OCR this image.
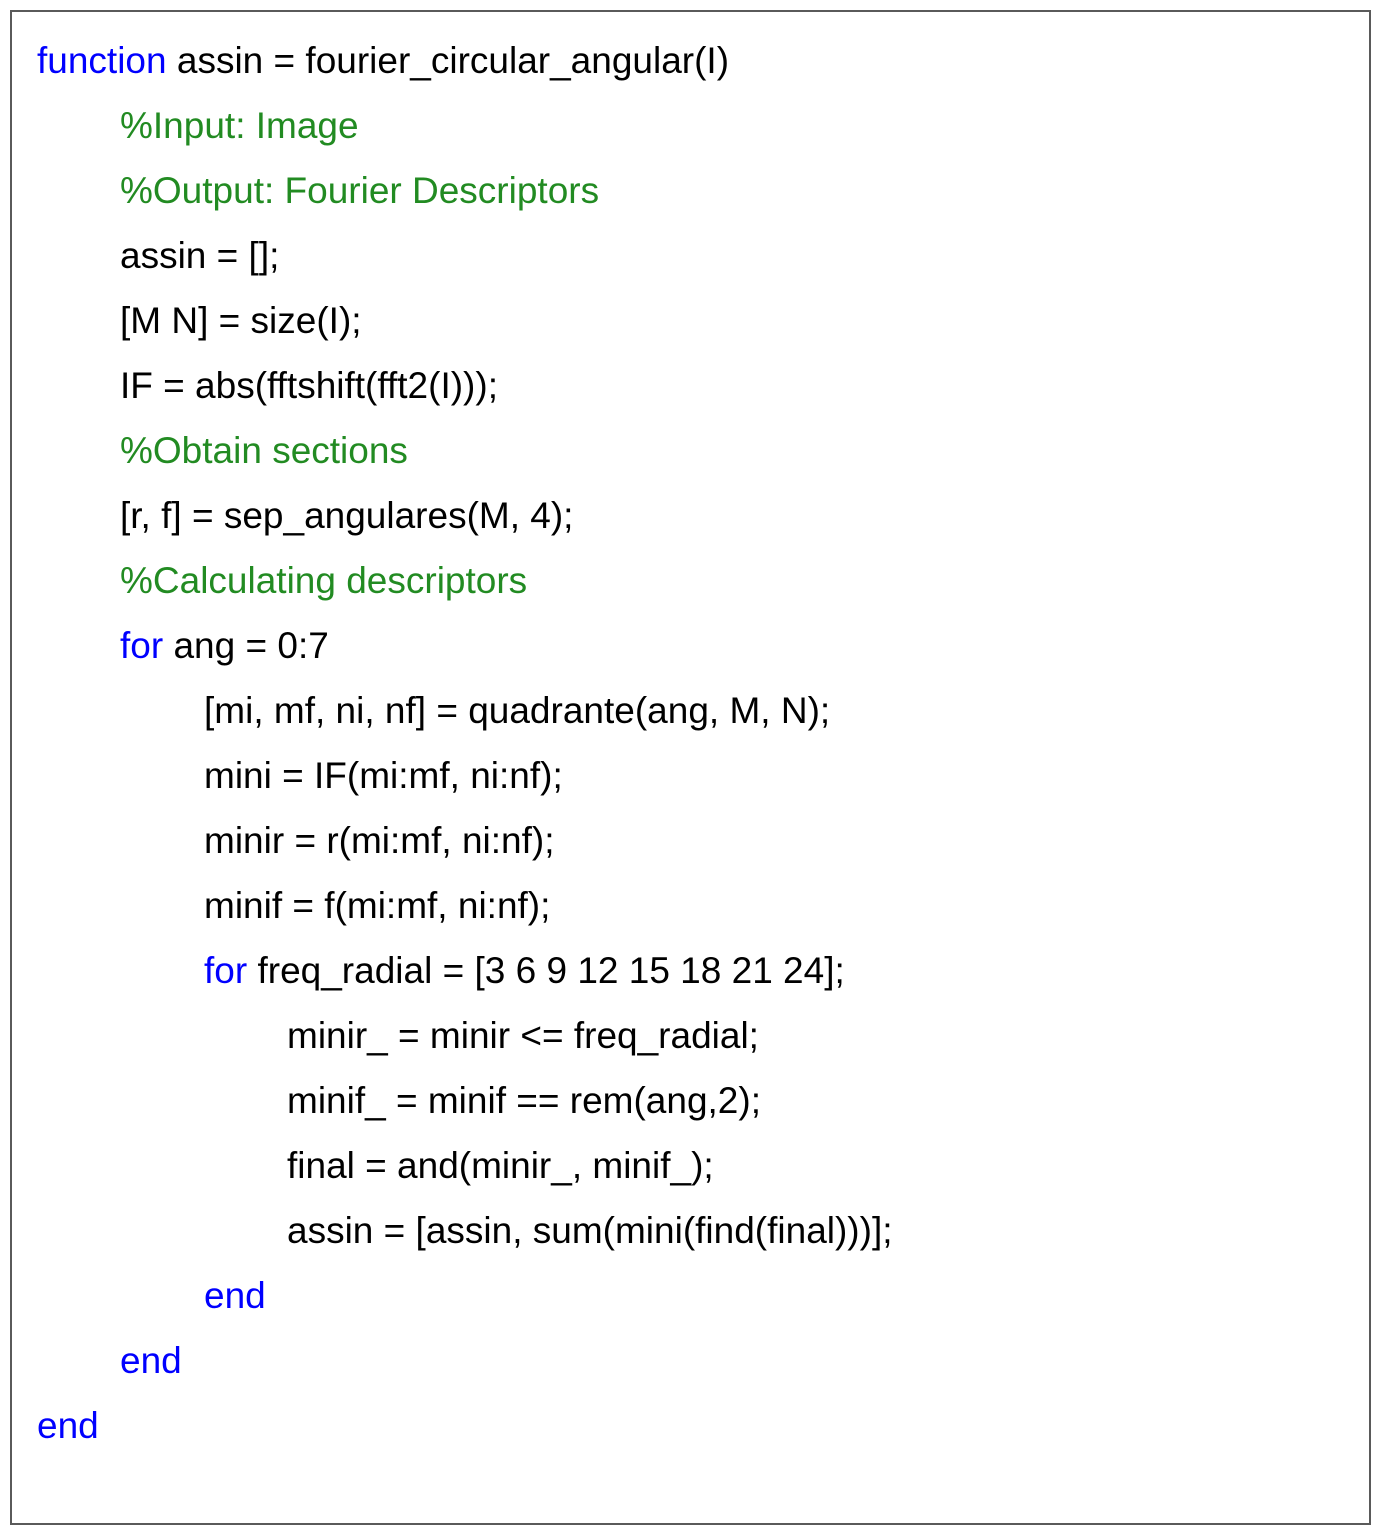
function assin = fourier_circular_angular(I)
%Input: Image
%Output: Fourier Descriptors
assin = [];
[M N] = size(I);
IF = abs(fftshift(fft2(I)));
%Obtain sections
[r, f] = sep_angulares(M, 4);
%Calculating descriptors
for ang = 0:7
[mi, mf, ni, nf] = quadrante(ang, M, N);
mini = IF(mi:mf, ni:nf);
minir = r(mi:mf, ni:nf);
minif = f(mi:mf, ni:nf);
for freq_radial = [3 6 9 12 15 18 21 24];
minir_ = minir <= freq_radial;
minif_ = minif == rem(ang,2);
final = and(minir_, minif_);
assin = [assin, sum(mini(find(final)))];
end
end
end
